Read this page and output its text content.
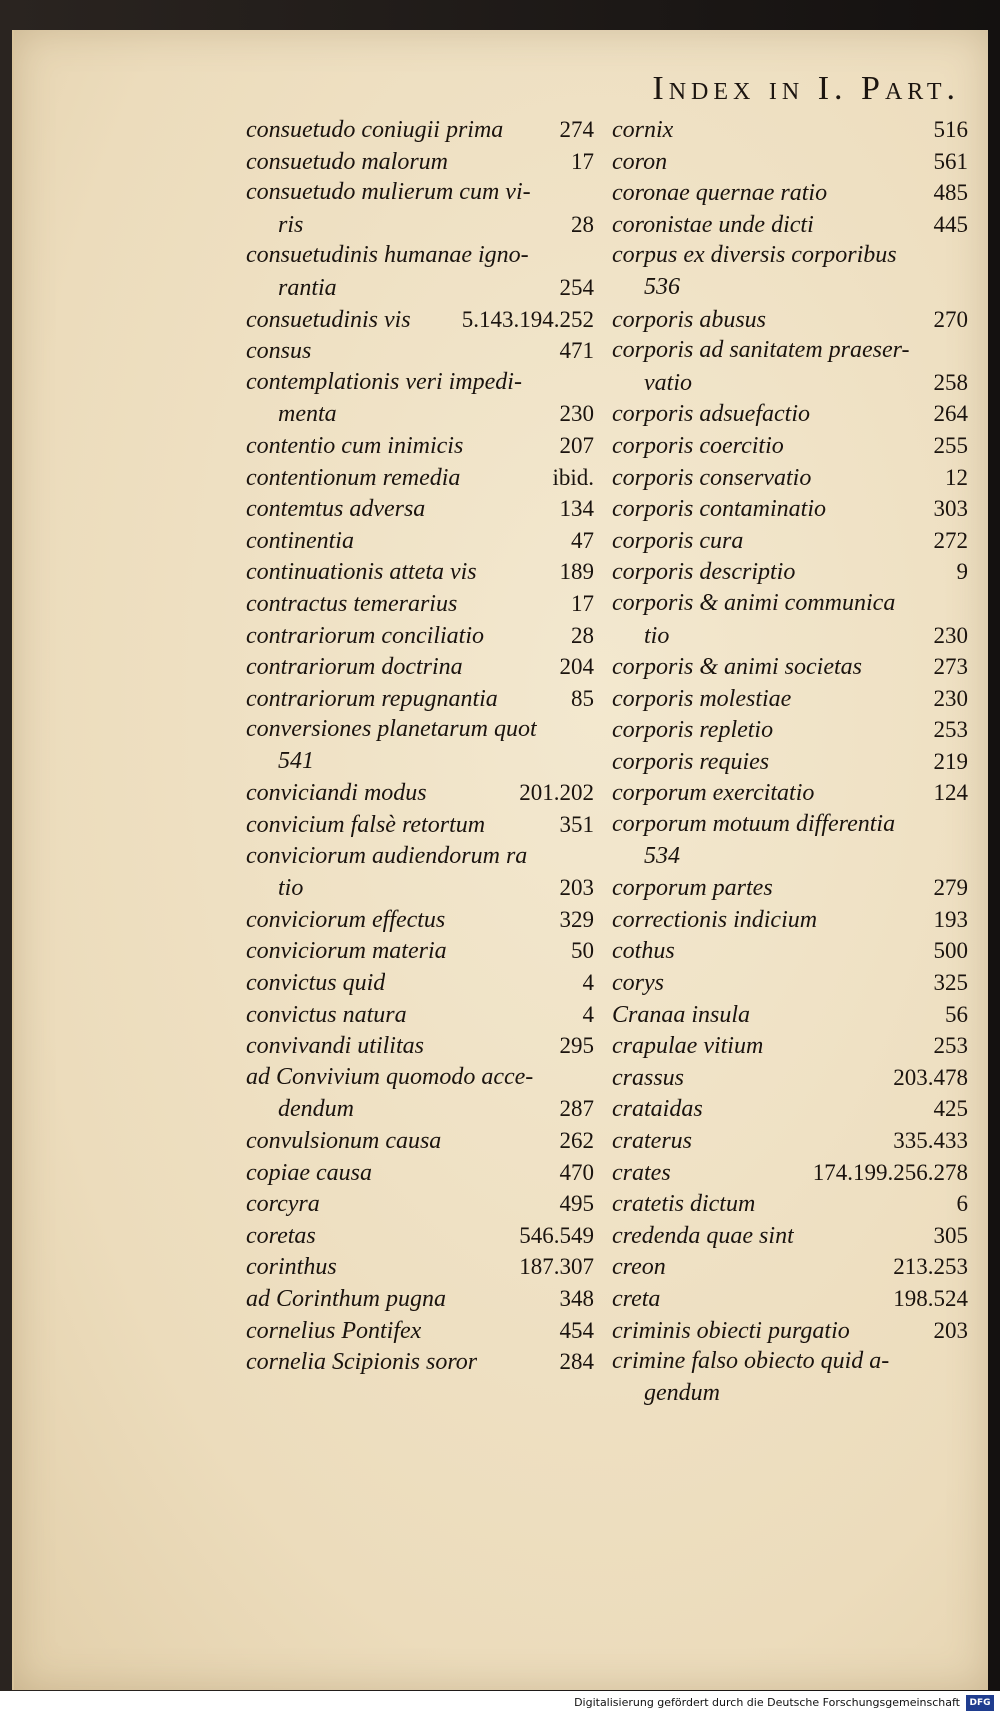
Index in I. Part.
consuetudo coniugii prima 274
consuetudo malorum	17
consuetudo mulierum cum vi-
ris	28
consuetudinis humanae igno-
rantia	254
consuetudinis vis 5.143.194.252
consus	471
contemplationis veri impedi-
menta	230
contentio cum inimicis	207
contentionum remedia	ibid.
contemtus adversa	134
continentia	47
continuationis atteta vis	189
contractus temerarius	17
contrariorum conciliatio	28
contrariorum doctrina	204
contrariorum repugnantia	85
conversiones planetarum quot
541
conviciandi modus	201.202
convicium falsè retortum	351
conviciorum audiendorum ra
tio	203
conviciorum effectus	329
conviciorum materia	50
convictus quid	4
convictus natura	4
convivandi utilitas	295
ad Convivium quomodo acce-
dendum	287
convulsionum causa	262
copiae causa	470
corcyra	495
coretas	546.549
corinthus	187.307
ad Corinthum pugna	348
cornelius Pontifex	454
cornelia Scipionis soror	284
cornix	516
coron	561
coronae quernae ratio	485
coronistae unde dicti	445
corpus ex diversis corporibus
536
corporis abusus	270
corporis ad sanitatem praeser-
vatio	258
corporis adsuefactio	264
corporis coercitio	255
corporis conservatio	12
corporis contaminatio	303
corporis cura	272
corporis descriptio	9
corporis & animi communica
tio	230
corporis & animi societas	273
corporis molestiae	230
corporis repletio	253
corporis requies	219
corporum exercitatio	124
corporum motuum differentia
534
corporum partes	279
correctionis indicium	193
cothus	500
corys	325
Cranaa insula	56
crapulae vitium	253
crassus	203.478
crataidas	425
craterus	335.433
crates	174.199.256.278
cratetis dictum	6
credenda quae sint	305
creon	213.253
creta	198.524
criminis obiecti purgatio	203
crimine falso obiecto quid a-
gendum
Digitalisierung gefördert durch die Deutsche Forschungsgemeinschaft	DFG
